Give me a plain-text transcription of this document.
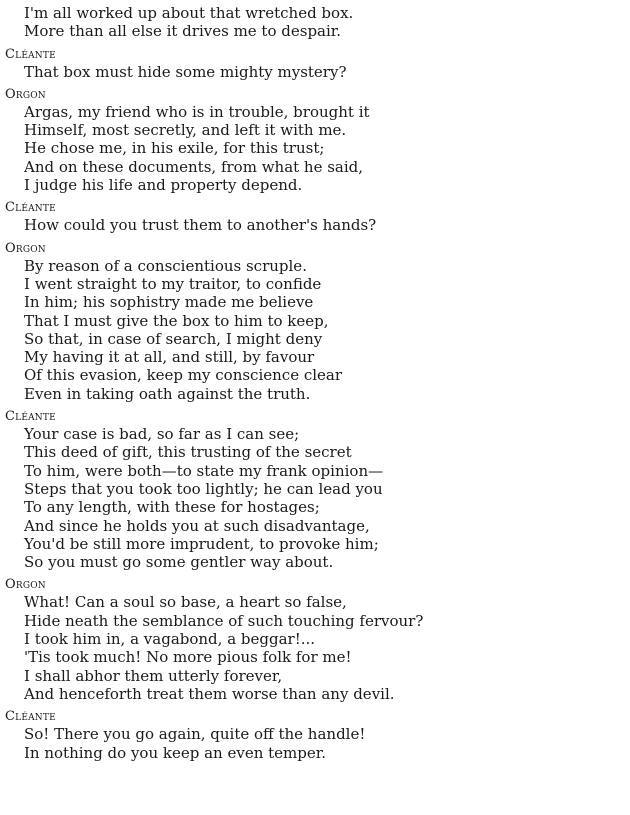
I'm all worked up about that wretched box.
More than all else it drives me to despair.
Cléante
That box must hide some mighty mystery?
Orgon
Argas, my friend who is in trouble, brought it
Himself, most secretly, and left it with me.
He chose me, in his exile, for this trust;
And on these documents, from what he said,
I judge his life and property depend.
Cléante
How could you trust them to another's hands?
Orgon
By reason of a conscientious scruple.
I went straight to my traitor, to confide
In him; his sophistry made me believe
That I must give the box to him to keep,
So that, in case of search, I might deny
My having it at all, and still, by favour
Of this evasion, keep my conscience clear
Even in taking oath against the truth.
Cléante
Your case is bad, so far as I can see;
This deed of gift, this trusting of the secret
To him, were both—to state my frank opinion—
Steps that you took too lightly; he can lead you
To any length, with these for hostages;
And since he holds you at such disadvantage,
You'd be still more imprudent, to provoke him;
So you must go some gentler way about.
Orgon
What! Can a soul so base, a heart so false,
Hide neath the semblance of such touching fervour?
I took him in, a vagabond, a beggar!...
'Tis took much! No more pious folk for me!
I shall abhor them utterly forever,
And henceforth treat them worse than any devil.
Cléante
So! There you go again, quite off the handle!
In nothing do you keep an even temper.
